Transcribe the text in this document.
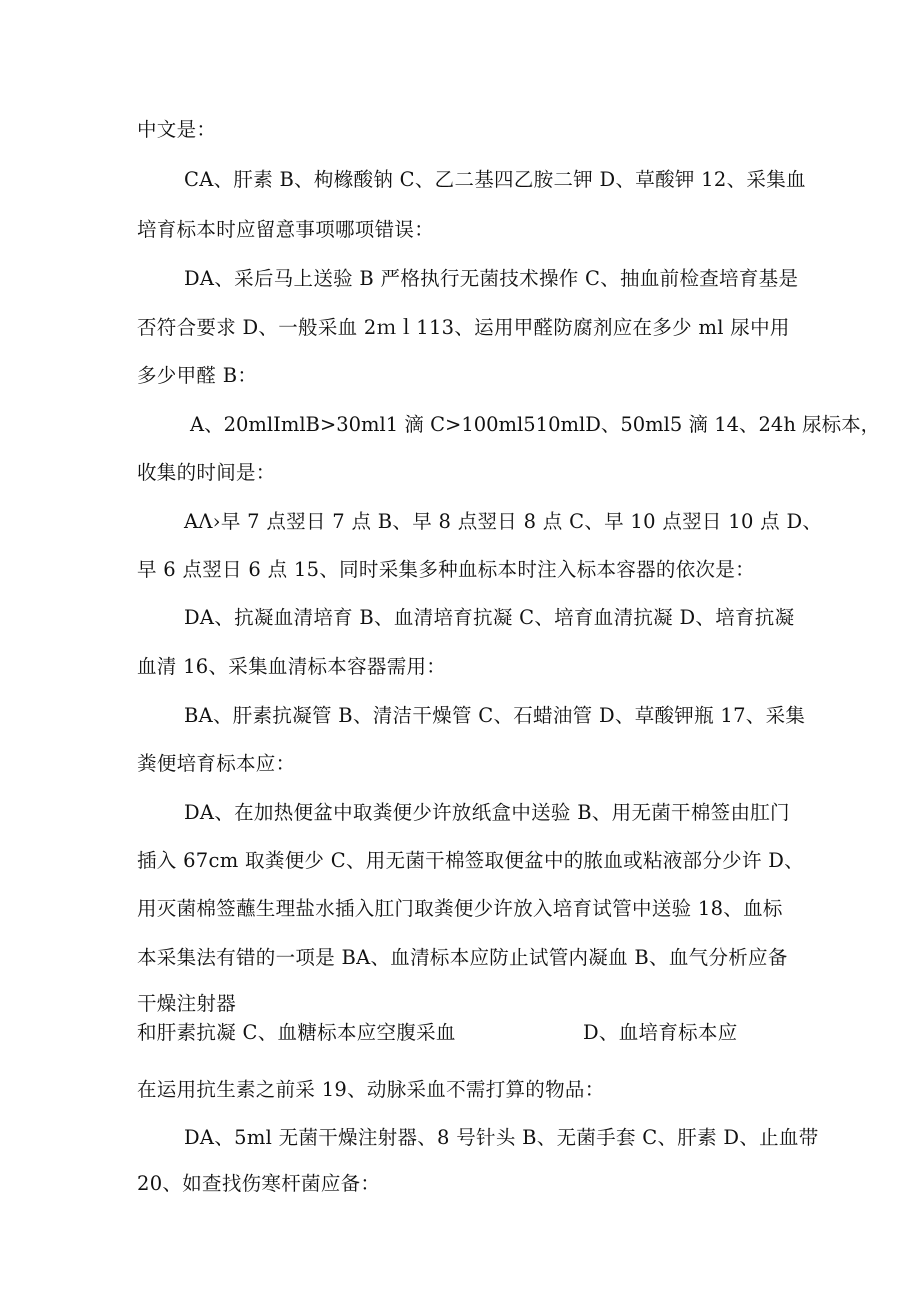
中文是：
CA、肝素 B、枸橼酸钠 C、乙二基四乙胺二钾 D、草酸钾 12、采集血
培育标本时应留意事项哪项错误：
DA、采后马上送验 B 严格执行无菌技术操作 C、抽血前检查培育基是
否符合要求 D、一般采血 2ｍｌ113、运用甲醛防腐剂应在多少 ml 尿中用
多少甲醛 B：
A、20mlImlB>30ml1 滴 C>100ml510mlD、50ml5 滴 14、24h 尿标本，
收集的时间是：
AΛ›早 7 点翌日 7 点 B、早 8 点翌日 8 点 C、早 10 点翌日 10 点 D、
早 6 点翌日 6 点 15、同时采集多种血标本时注入标本容器的依次是：
DA、抗凝血清培育 B、血清培育抗凝 C、培育血清抗凝 D、培育抗凝
血清 16、采集血清标本容器需用：
BA、肝素抗凝管 B、清洁干燥管 C、石蜡油管 D、草酸钾瓶 17、采集
粪便培育标本应：
DA、在加热便盆中取粪便少许放纸盒中送验 B、用无菌干棉签由肛门
插入 67cm 取粪便少 C、用无菌干棉签取便盆中的脓血或粘液部分少许 D、
用灭菌棉签蘸生理盐水插入肛门取粪便少许放入培育试管中送验 18、血标
本采集法有错的一项是 BA、血清标本应防止试管内凝血 B、血气分析应备
干燥注射器
和肝素抗凝 C、血糖标本应空腹采血	D、血培育标本应
在运用抗生素之前采 19、动脉采血不需打算的物品：
DA、5ml 无菌干燥注射器、8 号针头 B、无菌手套 C、肝素 D、止血带
20、如查找伤寒杆菌应备：
